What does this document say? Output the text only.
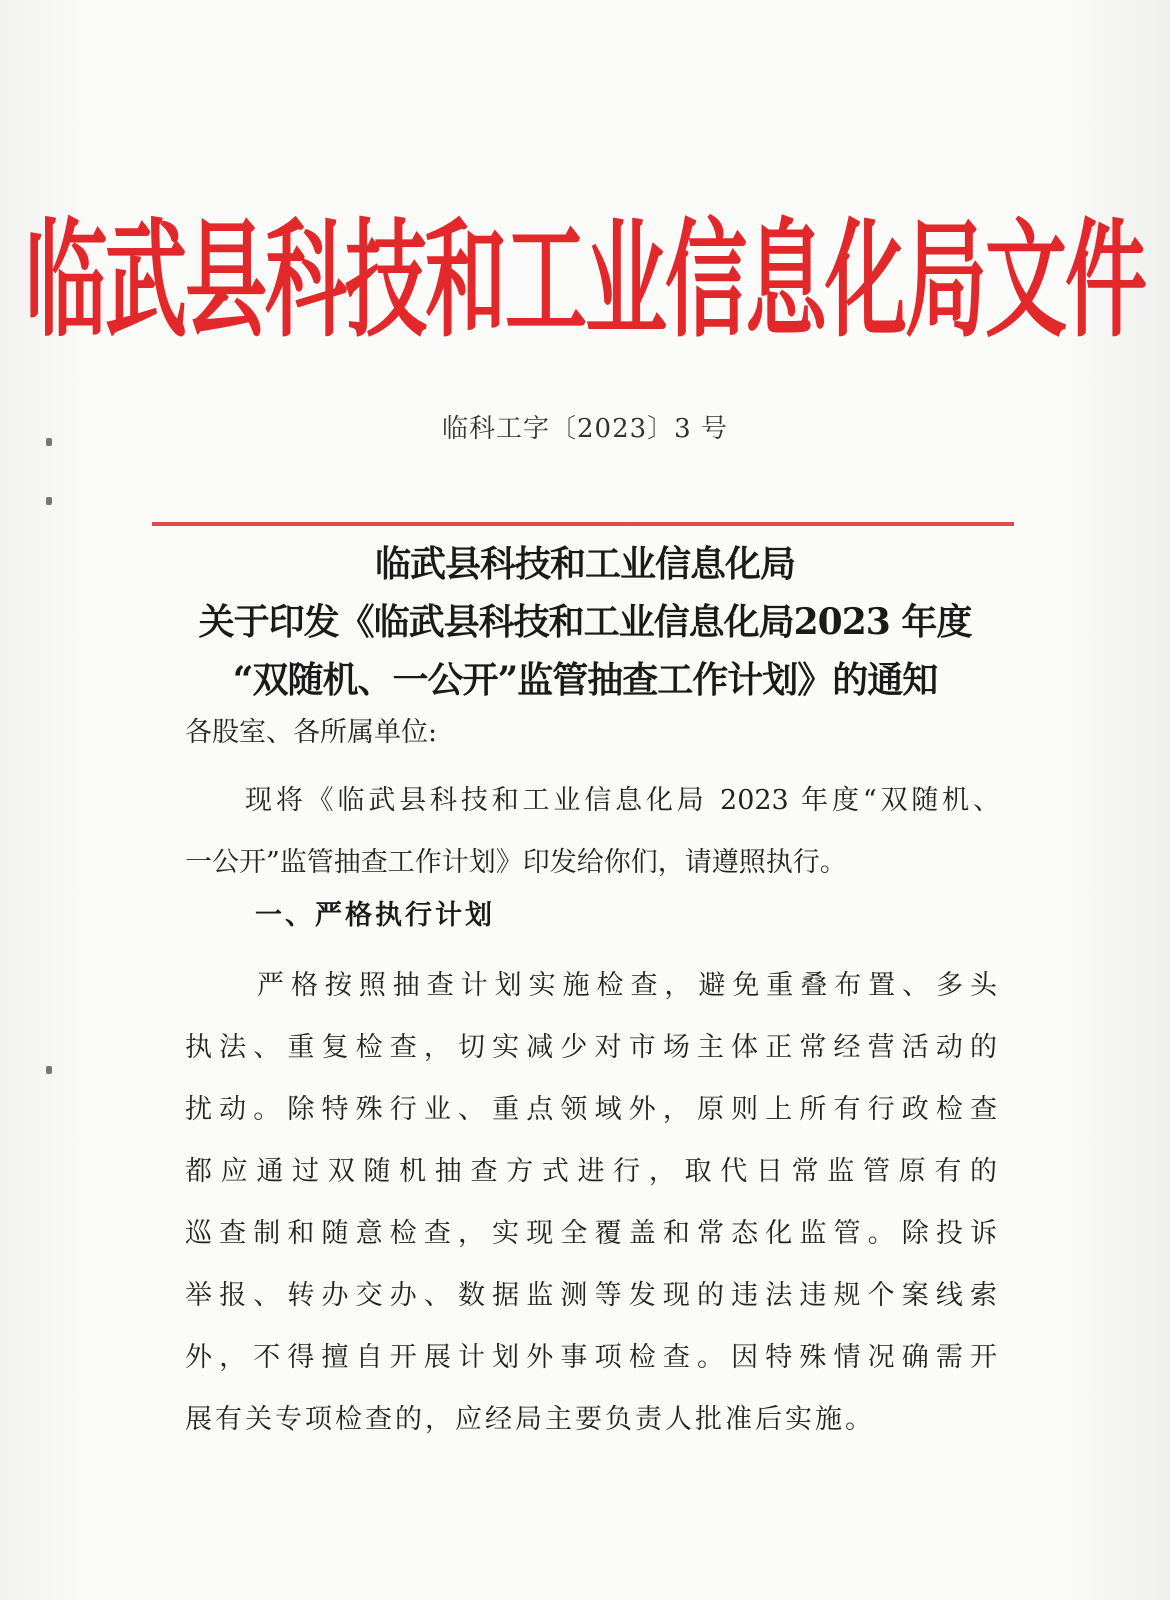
临武县科技和工业信息化局文件
临科工字〔2023〕3 号
临武县科技和工业信息化局
关于印发《临武县科技和工业信息化局2023 年度
“双随机、一公开”监管抽查工作计划》的通知
各股室、各所属单位:
现将《临武县科技和工业信息化局 2023 年度“双随机、
一公开”监管抽查工作计划》印发给你们，请遵照执行。
一、严格执行计划
严格按照抽查计划实施检查，避免重叠布置、多头
执法、重复检查，切实减少对市场主体正常经营活动的
扰动。除特殊行业、重点领域外，原则上所有行政检查
都应通过双随机抽查方式进行，取代日常监管原有的
巡查制和随意检查，实现全覆盖和常态化监管。除投诉
举报、转办交办、数据监测等发现的违法违规个案线索
外，不得擅自开展计划外事项检查。因特殊情况确需开
展有关专项检查的，应经局主要负责人批准后实施。
